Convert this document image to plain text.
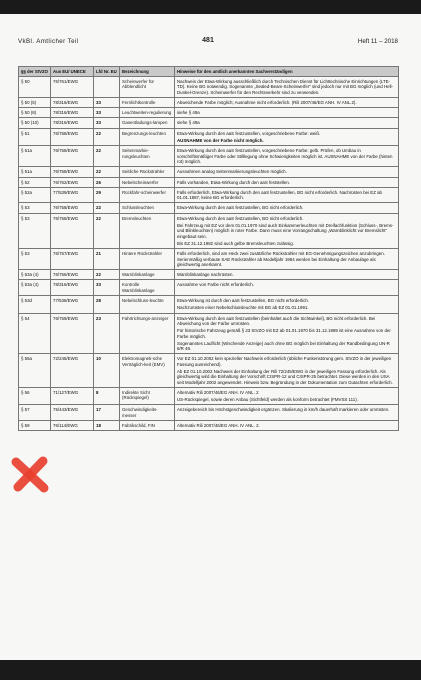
VkBl. Amtlicher Teil	481	Heft 11 – 2018
§§ der StVZO	Aus EU/ UNECE	Lfd Nr. EU	Bezeichnung	Hinweise für den amtlich anerkannten Sachverständigen
§ 50	76/761/EWG		Scheinwerfer für Abblendlicht	Nachweis der Etwa-Wirkung ausschließlich durch Technischen Dienst für Lichttechnische Einrichtungen (LTE-TD). Keine BG notwendig. Sogenannte „Sealed-Beam-Scheinwerfer“ sind jedoch nur mit BG möglich (und Hell-Dunkel-Grenze). Scheinwerfer für den Rechtsverkehr sind zu verwenden.

§ 50 (5)	78/316/EWG	33	Fernlichtkontrolle	Abweichende Farbe möglich; Ausnahme nicht erforderlich. (Rili 2007/46/EG ANH. IV ANL.2).

§ 50 (8)	78/316/EWG	33	Leuchtweiten-regulierung	siehe § 49a

§ 50 (10)	78/316/EWG	33	Gasentladungs-lampen	siehe § 49a

§ 51	76/758/EWG	22	Begrenzungs-leuchten	Etwa-Wirkung durch den aaS festzustellen, vorgeschriebene Farbe: weiß.

AUSNAHME von der Farbe nicht möglich.

§ 51a	76/758/EWG	22	Seitenmarkie-rungsleuchten	Etwa-Wirkung durch den aaS festzustellen, vorgeschriebene Farbe: gelb. Prüfen, ob Umbau in vorschriftsmäßiger Farbe oder Stilllegung ohne Schwierigkeiten möglich ist. AUSNAHME von der Farbe (hinten rot) möglich.

§ 51a	76/758/EWG	22	Seitliche Rückstrahler	Ausnahmen analog Seitenmarkierungsleuchten möglich.

§ 52	76/762/EWG	26	Nebelscheinwerfer	Falls vorhanden, Etwa-Wirkung durch den aaS feststellen.

§ 52a	77/539/EWG	29	Rückfahr-scheinwerfer	Falls erforderlich, Etwa-Wirkung durch den aaS festzustellen, BG nicht erforderlich. Nachrüsten bei EZ ab 01.01.1987, keine BG erforderlich.

§ 53	76/758/EWG	22	Schlussleuchten	Etwa-Wirkung durch den aaS festzustellen, BG nicht erforderlich.

§ 53	76/758/EWG	22	Bremsleuchten	Etwa-Wirkung durch den aaS festzustellen, BG nicht erforderlich.

Bei Fahrzeug mit EZ vor dem 01.01.1970 sind auch Einkammerleuchten mit Dreifachfunktion (Schluss-, Brems- und Blinkleuchten) möglich in roter Farbe. Dann muss eine Vorrangschaltung „Warnblinklicht vor Bremslicht“ eingebaut sein.

Bis EZ 31.12.1982 sind auch gelbe Bremsleuchten zulässig.

§ 53	76/757/EWG	21	Hintere Rückstrahler	Falls erforderlich, sind am Heck zwei zusätzliche Rückstrahler mit EG-Genehmigungszeichen anzubringen. Serienmäßig verbaute SAE Rückstrahler ab Modelljahr 1984 werden bei Einhaltung der Anbaulage als gleichwertig anerkannt.

§ 53a (4)	76/756/EWG	22	Warnblinkanlage	Warnblinkanlage nachrüsten.

§ 53a (4)	78/316/EWG	33	Kontrolle Warnblinkanlage	Ausnahme von Farbe nicht erforderlich.

§ 53d	77/538/EWG	28	Nebelschluss-leuchte	Etwa-Wirkung ist durch den aaS festzustellen, BG nicht erforderlich.

Nachzurüsten einer Nebelschlussleuchte mit BG ab EZ 01.01.1991.

§ 54	76/759/EWG	23	Fahrtrichtungs-anzeiger	Etwa-Wirkung durch den aaS festzustellen (beinhaltet auch die Sichtwinkel), BG nicht erforderlich. Bei Abweichung von der Farbe umrüsten.

Für historische Fahrzeug gemäß § 23 StVZO mit EZ ab 01.01.1970 bis 31.12.1989 ist eine Ausnahme von der Farbe möglich.

Sogenanntes Lauflicht (Wischende Anzeige) auch ohne BG möglich bei Einhaltung der Randbedingung UN-R 6/R 48.

§ 55a	72/245/EWG	10	Elektromagneti-sche Verträglich-keit (EMV)	Vor EZ 01.10.2002 kein spezieller Nachweis erforderlich (übliche Funkenstörung gem. StVZO in der jeweiligen Fassung ausreichend).

Ab EZ 01.10.2002 Nachweis der Einhaltung der Rili 72/245/EWG in der jeweiligen Fassung erforderlich. Als gleichwertig wird die Einhaltung der Vorschrift CISPR-12 und CISPR-25 betrachtet. Diese werden in den USA seit Modelljahr 2002 angewendet. Hinweis bzw. Begründung in der Dokumentation zum Gutachten erforderlich.

§ 56	71/127/EWG	8	Indirekte Sicht (Rückspiegel)	Alternativ Rili 2007/46/EG ANH. IV ANL. 2

US-Rückspiegel, sowie deren Anbau (Sichtfeld) werden als konform betrachtet (FMVSS 111).

§ 57	75/443/EWG	17	Geschwindigkeits-messer	Anzeigebereich bis Höchstgeschwindigkeit ergänzen. Skalierung in km/h dauerhaft markieren oder umrüsten.

§ 59	76/114/EWG	18	Fabrikschild, FIN	Alternativ Rili 2007/46/EG ANH. IV ANL. 2.
